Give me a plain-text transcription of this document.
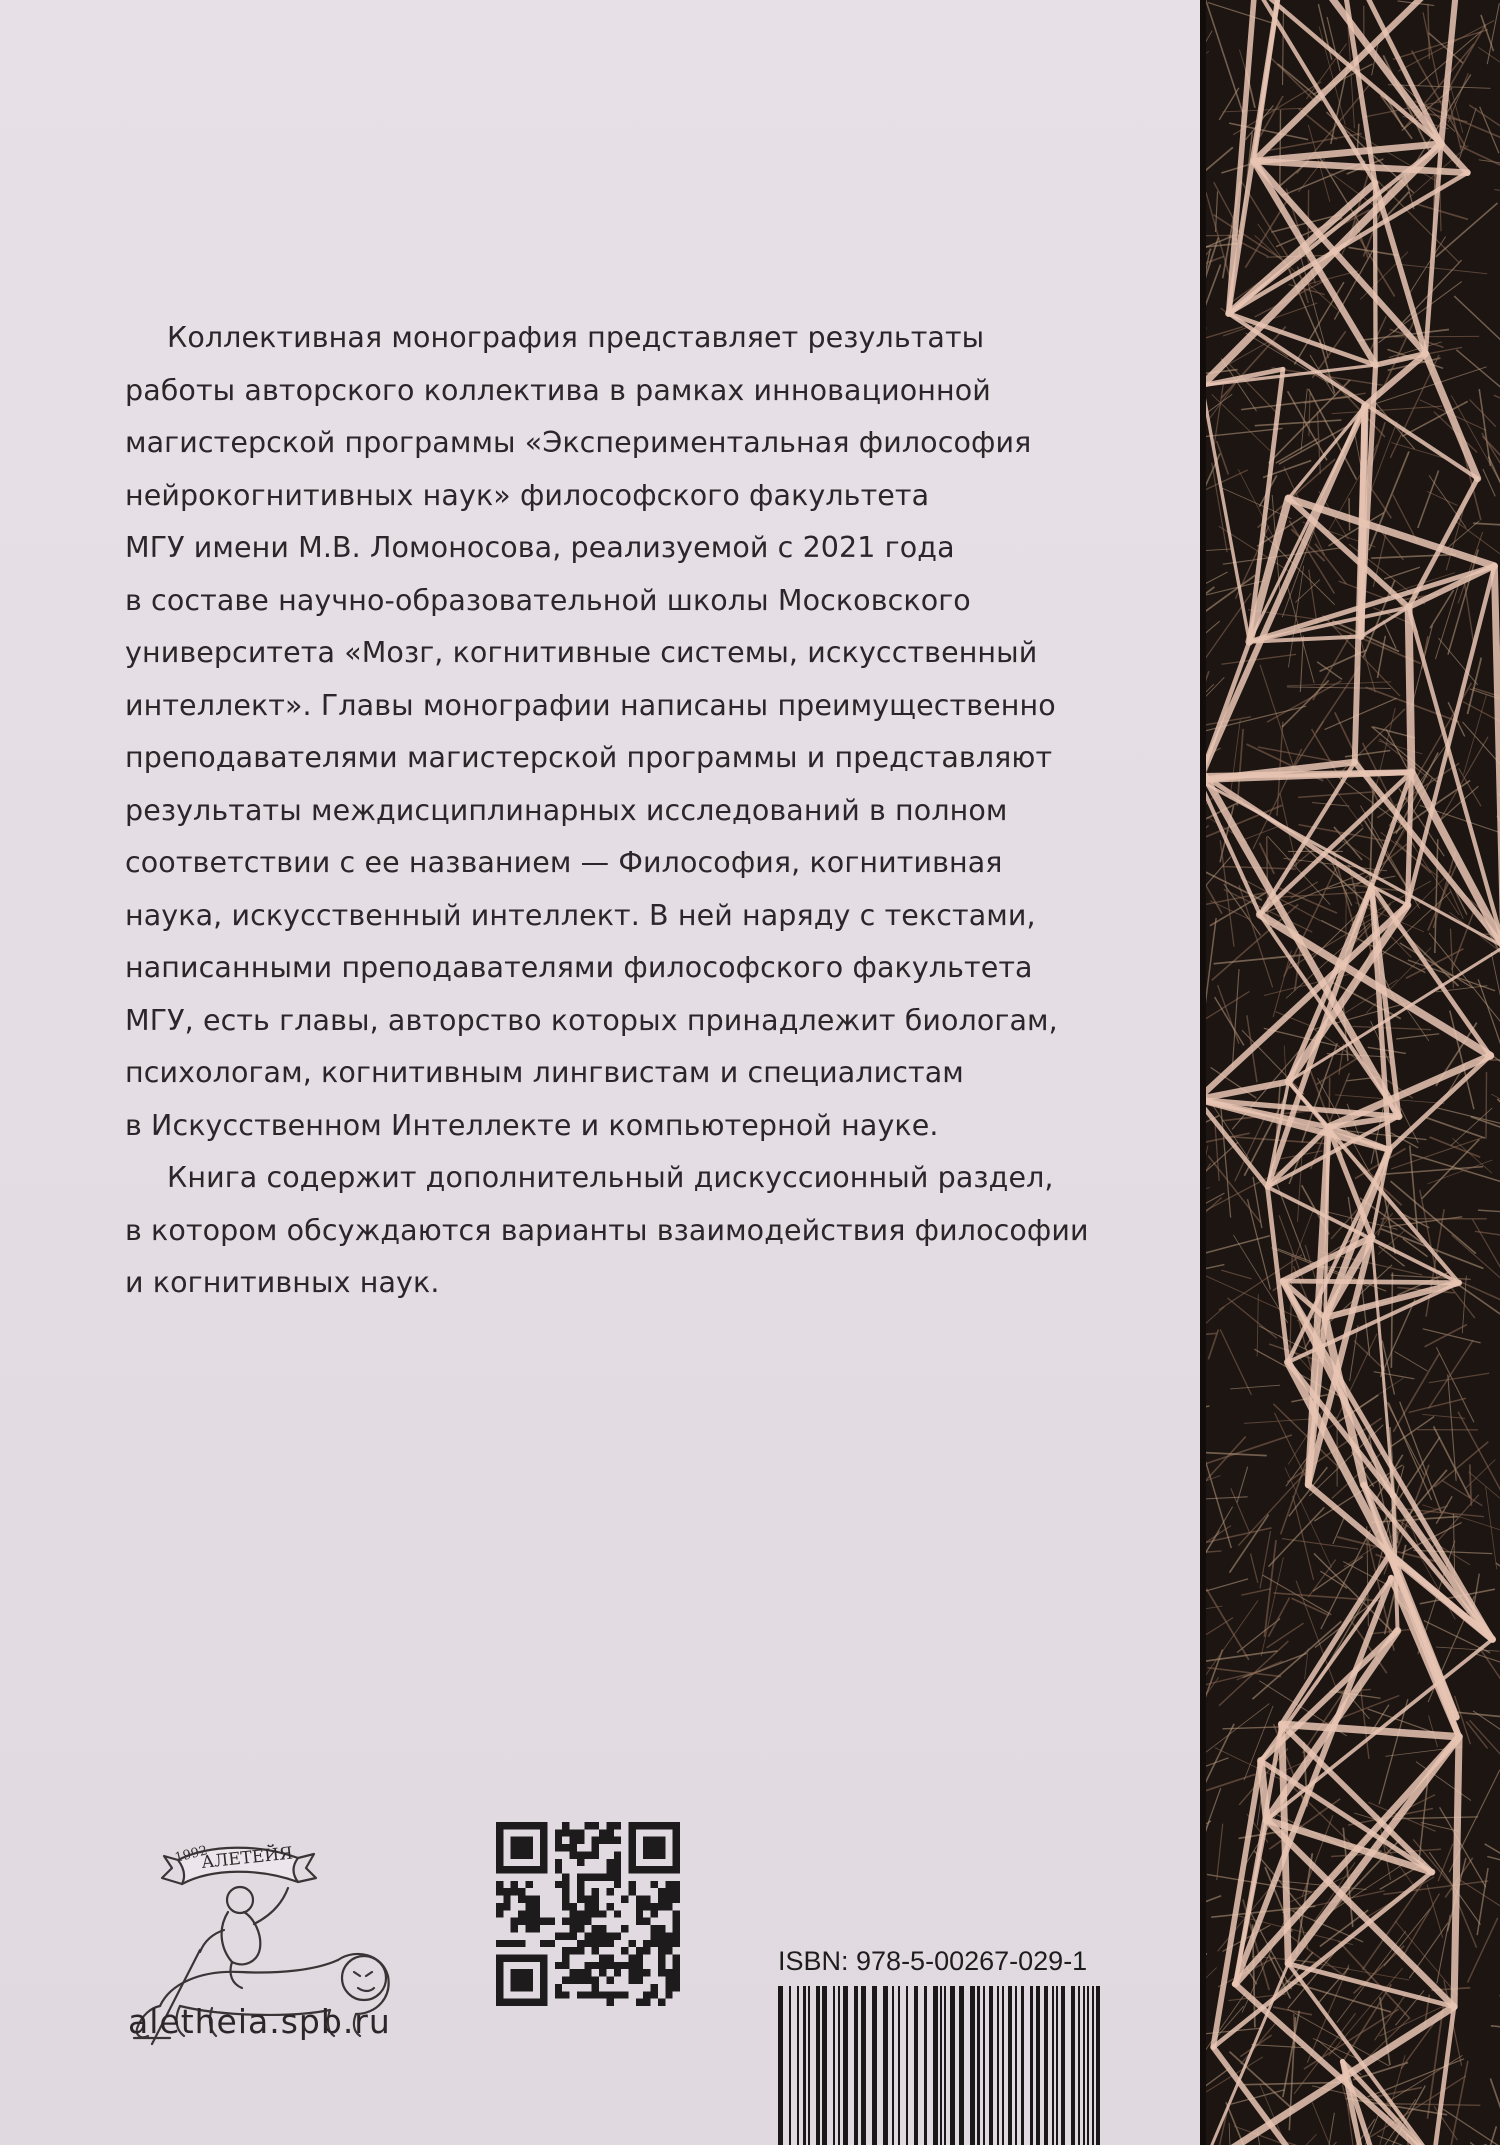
Коллективная монография представляет результаты
работы авторского коллектива в рамках инновационной
магистерской программы «Экспериментальная философия
нейрокогнитивных наук» философского факультета
МГУ имени М.В. Ломоносова, реализуемой с 2021 года
в составе научно-образовательной школы Московского
университета «Мозг, когнитивные системы, искусственный
интеллект». Главы монографии написаны преимущественно
преподавателями магистерской программы и представляют
результаты междисциплинарных исследований в полном
соответствии с ее названием — Философия, когнитивная
наука, искусственный интеллект. В ней наряду с текстами,
написанными преподавателями философского факультета
МГУ, есть главы, авторство которых принадлежит биологам,
психологам, когнитивным лингвистам и специалистам
в Искусственном Интеллекте и компьютерной науке.
Книга содержит дополнительный дискуссионный раздел,
в котором обсуждаются варианты взаимодействия философии
и когнитивных наук.
1992
АЛЕТЕЙЯ
aletheia.spb.ru
ISBN: 978-5-00267-029-1
